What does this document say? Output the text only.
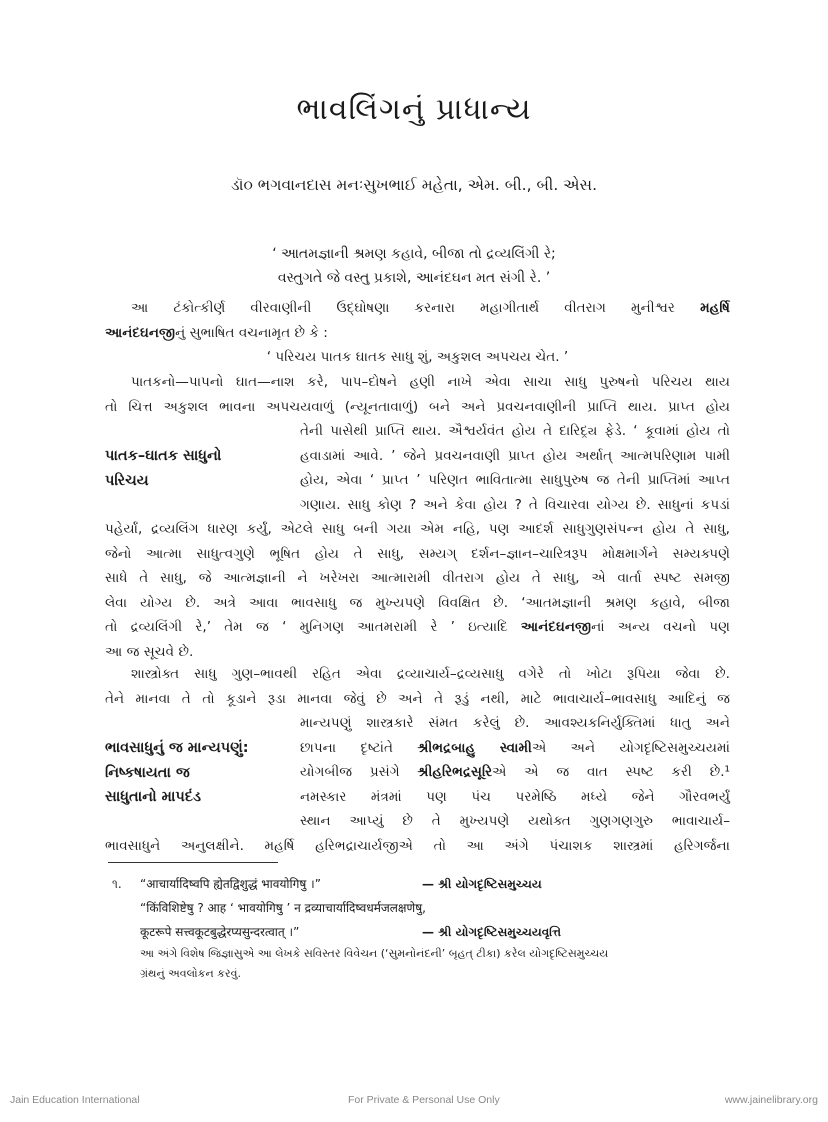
ભાવલિંગનું પ્રાધાન્ય
ડૉ૦ ભગવાનદાસ મનઃસુખભાઈ મહેતા, એમ. બી., બી. એસ.
‘ આતમજ્ઞાની શ્રમણ કહાવે, બીજા તો દ્રવ્યલિંગી રે;
વસ્તુગતે જે વસ્તુ પ્રકાશે, આનંદઘન મત સંગી રે. ’
આ ટંકોત્કીર્ણ વીરવાણીની ઉદ્ઘોષણા કરનારા મહાગીતાર્થ વીતરાગ મુનીશ્વર મહર્ષિ
આનંદઘનજીનું સુભાષિત વચનામૃત છે કે :
‘ પરિચય પાતક ઘાતક સાધુ શું, અકુશલ અપચય ચેત. ’
પાતકનો—પાપનો ઘાત—નાશ કરે, પાપ–દોષને હણી નાખે એવા સાચા સાધુ પુરુષનો પરિચય થાય
તો ચિત્ત અકુશલ ભાવના અપચયવાળું (ન્યૂનતાવાળું) બને અને પ્રવચનવાણીની પ્રાપ્તિ થાય. પ્રાપ્ત હોય
પાતક–ઘાતક સાધુનો
પરિચય
તેની પાસેથી પ્રાપ્તિ થાય. ઐશ્વર્યવંત હોય તે દારિદ્ર્ય ફેડે. ‘ કૂવામાં હોય તો
હવાડામાં આવે. ’ જેને પ્રવચનવાણી પ્રાપ્ત હોય અર્થાત્ આત્મપરિણામ પામી
હોય, એવા ‘ પ્રાપ્ત ’ પરિણત ભાવિતાત્મા સાધુપુરુષ જ તેની પ્રાપ્તિમાં આપ્ત
ગણાય. સાધુ કોણ ? અને કેવા હોય ? તે વિચારવા યોગ્ય છે. સાધુનાં કપડાં
પહેર્યાં, દ્રવ્યલિંગ ધારણ કર્યું, એટલે સાધુ બની ગયા એમ નહિ, પણ આદર્શ સાધુગુણસંપન્ન હોય તે સાધુ,
જેનો આત્મા સાધુત્વગુણે ભૂષિત હોય તે સાધુ, સમ્યગ્ દર્શન–જ્ઞાન–ચારિત્રરૂપ મોક્ષમાર્ગને સમ્યક્પણે
સાધે તે સાધુ, જે આત્મજ્ઞાની ને ખરેખરા આત્મારામી વીતરાગ હોય તે સાધુ, એ વાર્તા સ્પષ્ટ સમજી
લેવા યોગ્ય છે. અત્રે આવા ભાવસાધુ જ મુખ્યપણે વિવક્ષિત છે. ‘આતમજ્ઞાની શ્રમણ કહાવે, બીજા
તો દ્રવ્યલિંગી રે,’ તેમ જ ‘ મુનિગણ આતમરામી રે ’ ઇત્યાદિ આનંદઘનજીનાં અન્ય વચનો પણ
આ જ સૂચવે છે.
શાસ્ત્રોક્ત સાધુ ગુણ–ભાવથી રહિત એવા દ્રવ્યાચાર્ય–દ્રવ્યસાધુ વગેરે તો ખોટા રૂપિયા જેવા છે.
તેને માનવા તે તો કૂડાને રૂડા માનવા જેવું છે અને તે રૂડું નથી, માટે ભાવાચાર્ય–ભાવસાધુ આદિનું જ
ભાવસાધુનું જ માન્યપણું:
નિષ્કષાયતા જ
સાધુતાનો માપદંડ
માન્યપણું શાસ્ત્રકારે સંમત કરેલું છે. આવશ્યકનિર્યુક્તિમાં ધાતુ અને
છાપના દૃષ્ટાંતે શ્રીભદ્રબાહુ સ્વામીએ અને યોગદૃષ્ટિસમુચ્ચયમાં
યોગબીજ પ્રસંગે શ્રીહરિભદ્રસૂરિએ એ જ વાત સ્પષ્ટ કરી છે.¹
નમસ્કાર મંત્રમાં પણ પંચ પરમેષ્ઠિ મધ્યે જેને ગૌરવભર્યું
સ્થાન આપ્યું છે તે મુખ્યપણે યથોક્ત ગુણગણગુરુ ભાવાચાર્ય–
ભાવસાધુને અનુલક્ષીને. મહર્ષિ હરિભદ્રાચાર્યજીએ તો આ અંગે પંચાશક શાસ્ત્રમાં હરિગર્જના
૧. “आचार्यादिष्वपि ह्येतद्विशुद्धं भावयोगिषु ।”	— શ્રી યોગદૃષ્ટિસમુચ્ચય
“किंविशिष्टेषु ? आह ‘ भावयोगिषु ’ न द्रव्याचार्यादिष्वधर्मजलक्षणेषु,
कूटरूपे सत्त्वकूटबुद्धेरप्यसुन्दरत्वात् ।”	— શ્રી યોગદૃષ્ટિસમુચ્ચયવૃત્તિ
આ અંગે વિશેષ જિજ્ઞાસુએ આ લેખકે સવિસ્તર વિવેચન (‘સુમનોનંદની’ બૃહત્ ટીકા) કરેલ યોગદૃષ્ટિસમુચ્ચય
ગ્રંથનું અવલોકન કરવું.
Jain Education International	For Private & Personal Use Only	www.jainelibrary.org
